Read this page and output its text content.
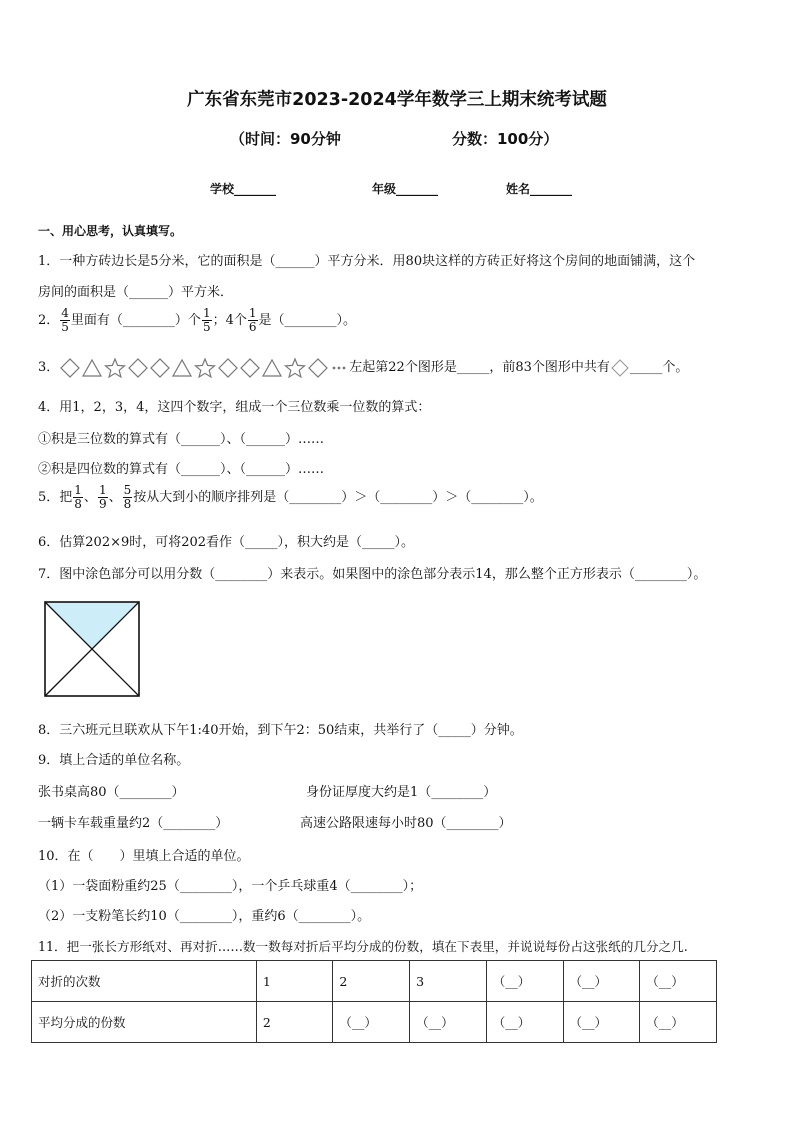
广东省东莞市2023-2024学年数学三上期末统考试题
（时间：90分钟	分数：100分）
学校_______	年级_______	姓名_______
一、用心思考，认真填写。
1．一种方砖边长是5分米，它的面积是（______）平方分米．用80块这样的方砖正好将这个房间的地面铺满，这个
房间的面积是（______）平方米．
2． $\frac{4}{5}$ 里面有（________）个 $\frac{1}{5}$ ；4个 $\frac{1}{6}$ 是（________）。
3．	左起第22个图形是_____，前83个图形中共有 _____个。
4．用1，2，3，4，这四个数字，组成一个三位数乘一位数的算式：
①积是三位数的算式有（______）、（______）……
②积是四位数的算式有（______）、（______）……
5．把 $\frac{1}{8}$ 、 $\frac{1}{9}$ 、 $\frac{5}{8}$ 按从大到小的顺序排列是（________）＞（________）＞（________）。
6．估算202×9时，可将202看作（_____），积大约是（_____）。
7．图中涂色部分可以用分数（________）来表示。如果图中的涂色部分表示14，那么整个正方形表示（________）。
8．三六班元旦联欢从下午1:40开始，到下午2：50结束，共举行了（_____）分钟。
9．填上合适的单位名称。
张书桌高80（________）	身份证厚度大约是1（________）
一辆卡车载重量约2（________）	高速公路限速每小时80（________）
10．在（　　）里填上合适的单位。
（1）一袋面粉重约25（________），一个乒乓球重4（________）；
（2）一支粉笔长约10（________），重约6（________）。
11．把一张长方形纸对、再对折……数一数每对折后平均分成的份数，填在下表里，并说说每份占这张纸的几分之几.
对折的次数	1	2	3	（__）	（__）	（__）
平均分成的份数	2	（__）	（__）	（__）	（__）	（__）
